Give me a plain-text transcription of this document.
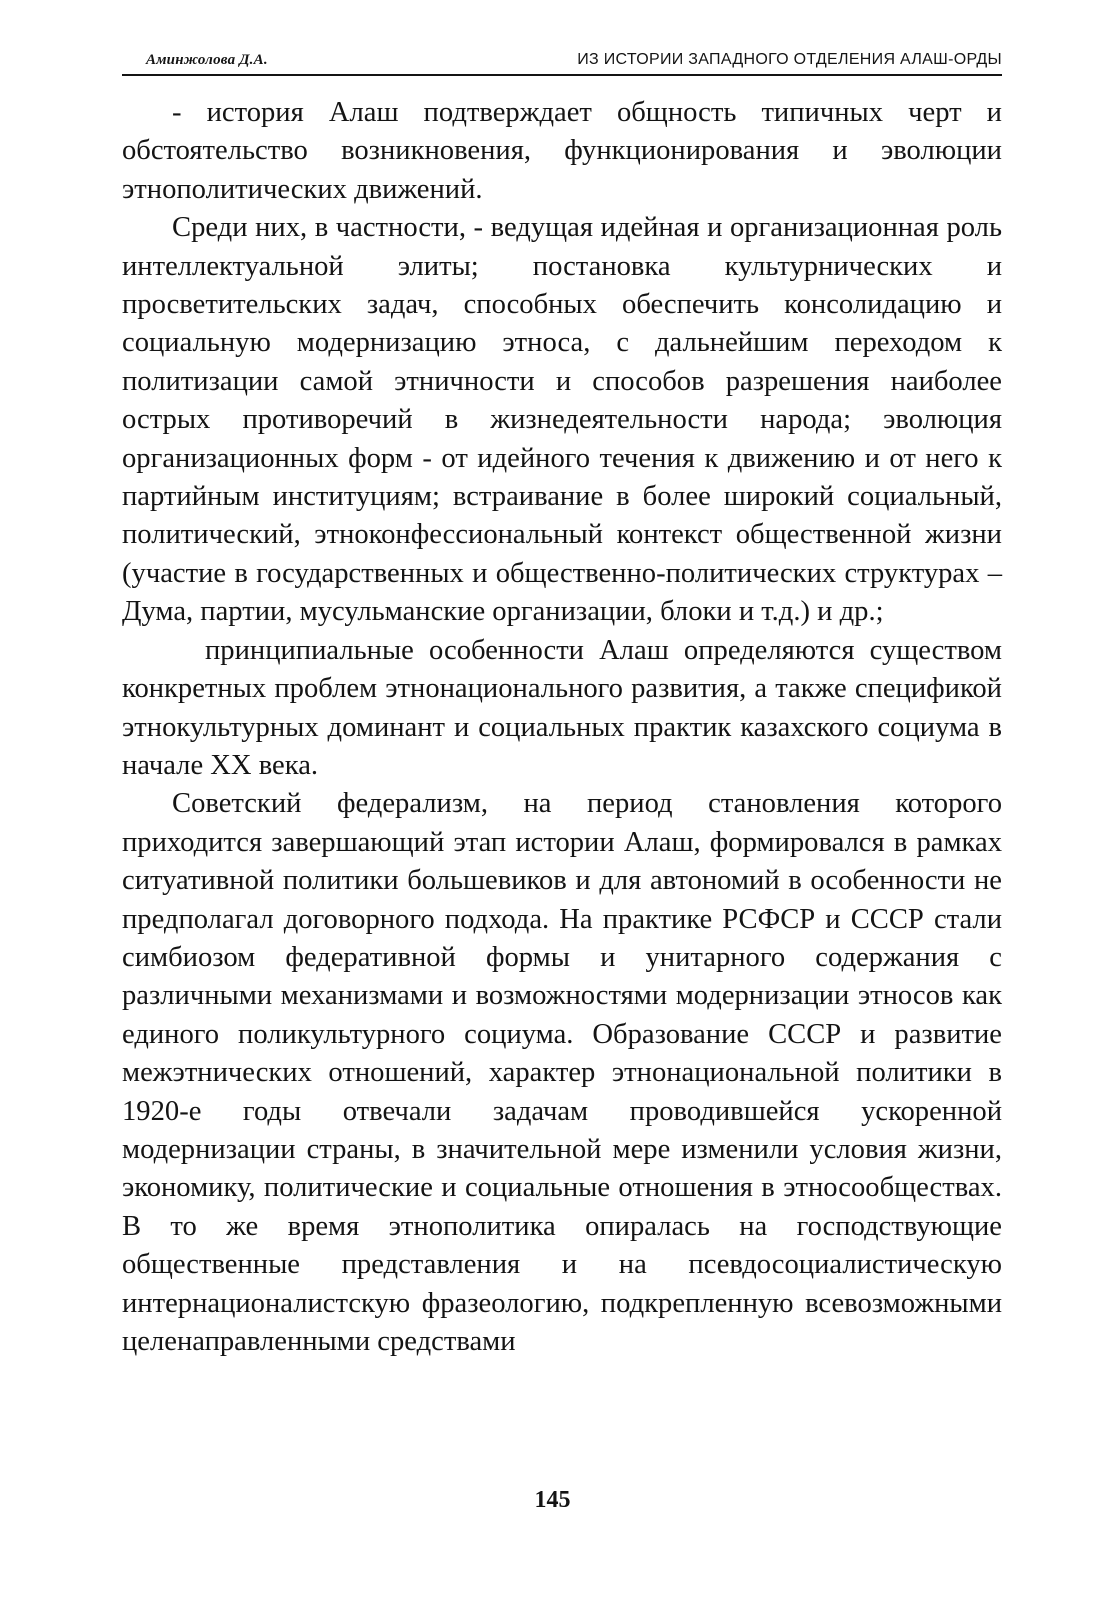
Аминжолова Д.А.	ИЗ ИСТОРИИ ЗАПАДНОГО ОТДЕЛЕНИЯ АЛАШ-ОРДЫ

- история Алаш подтверждает общность типичных черт и обстоятельство возникновения, функционирования и эволюции этнополитических движений.

Среди них, в частности, - ведущая идейная и организационная роль интеллектуальной элиты; постановка культурнических и просветительских задач, способных обеспечить консолидацию и социальную модернизацию этноса, с дальнейшим переходом к политизации самой этничности и способов разрешения наиболее острых противоречий в жизнедеятельности народа; эволюция организационных форм - от идейного течения к движению и от него к партийным институциям; встраивание в более широкий социальный, политический, этноконфессиональный контекст общественной жизни (участие в государственных и общественно-политических структурах – Дума, партии, мусульманские организации, блоки и т.д.) и др.;

принципиальные особенности Алаш определяются существом конкретных проблем этнонационального развития, а также спецификой этнокультурных доминант и социальных практик казахского социума в начале XX века.

Советский федерализм, на период становления которого приходится завершающий этап истории Алаш, формировался в рамках ситуативной политики большевиков и для автономий в особенности не предполагал договорного подхода. На практике РСФСР и СССР стали симбиозом федеративной формы и унитарного содержания с различными механизмами и возможностями модернизации этносов как единого поликультурного социума. Образование СССР и развитие межэтнических отношений, характер этнонациональной политики в 1920-е годы отвечали задачам проводившейся ускоренной модернизации страны, в значительной мере изменили условия жизни, экономику, политические и социальные отношения в этносообществах. В то же время этнополитика опиралась на господствующие общественные представления и на псевдосоциалистическую интернационалистскую фразеологию, подкрепленную всевозможными целенаправленными средствами

145
